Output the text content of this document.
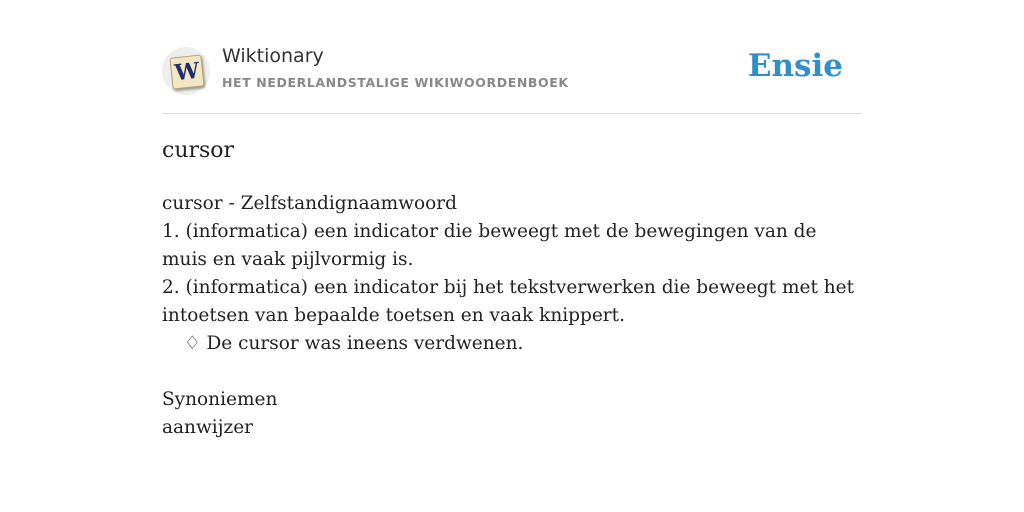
W
Wiktionary
HET NEDERLANDSTALIGE WIKIWOORDENBOEK	Ensie
cursor

cursor - Zelfstandignaamwoord

1. (informatica) een indicator die beweegt met de bewegingen van de muis en vaak pijlvormig is.

2. (informatica) een indicator bij het tekstverwerken die beweegt met het intoetsen van bepaalde toetsen en vaak knippert.

♢ De cursor was ineens verdwenen.

Synoniemen

aanwijzer
